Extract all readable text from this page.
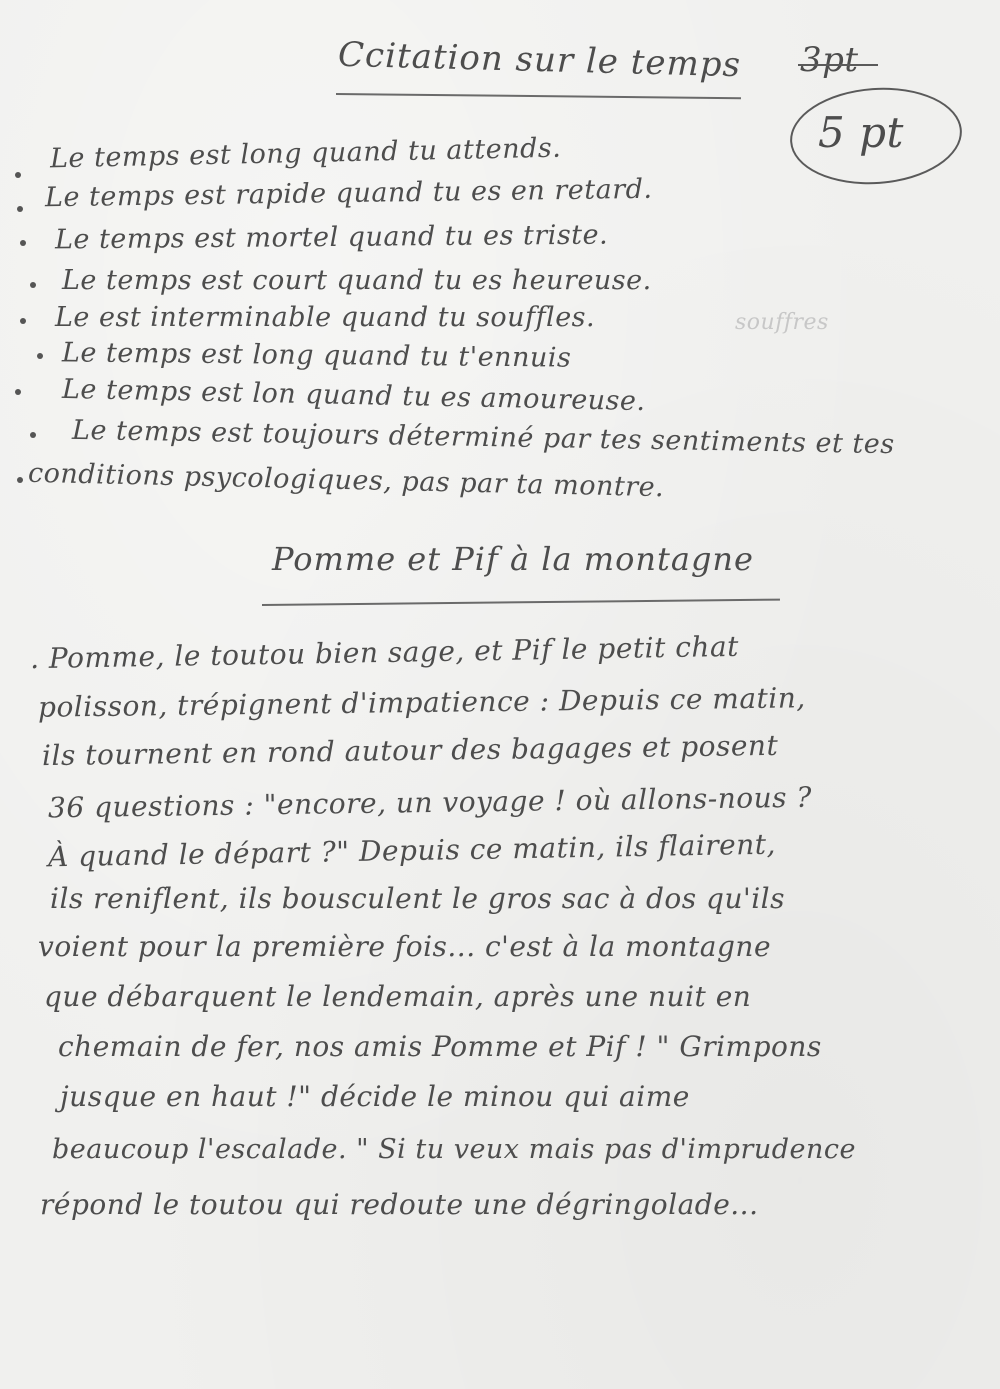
Ccitation sur le temps 3pt
5 pt
Le temps est long quand tu attends.
Le temps est rapide quand tu es en retard.
Le temps est mortel quand tu es triste.
Le temps est court quand tu es heureuse.
Le est interminable quand tu souffles.	souffres
Le temps est long quand tu t'ennuis
Le temps est lon quand tu es amoureuse.
Le temps est toujours déterminé par tes sentiments et tes
conditions psycologiques, pas par ta montre.
Pomme et Pif à la montagne
. Pomme, le toutou bien sage, et Pif le petit chat
polisson, trépignent d'impatience : Depuis ce matin,
ils tournent en rond autour des bagages et posent
36 questions : "encore, un voyage ! où allons-nous ?
À quand le départ ?" Depuis ce matin, ils flairent,
ils reniflent, ils bousculent le gros sac à dos qu'ils
voient pour la première fois... c'est à la montagne
que débarquent le lendemain, après une nuit en
chemain de fer, nos amis Pomme et Pif ! " Grimpons
jusque en haut !" décide le minou qui aime
beaucoup l'escalade. " Si tu veux mais pas d'imprudence
répond le toutou qui redoute une dégringolade...
